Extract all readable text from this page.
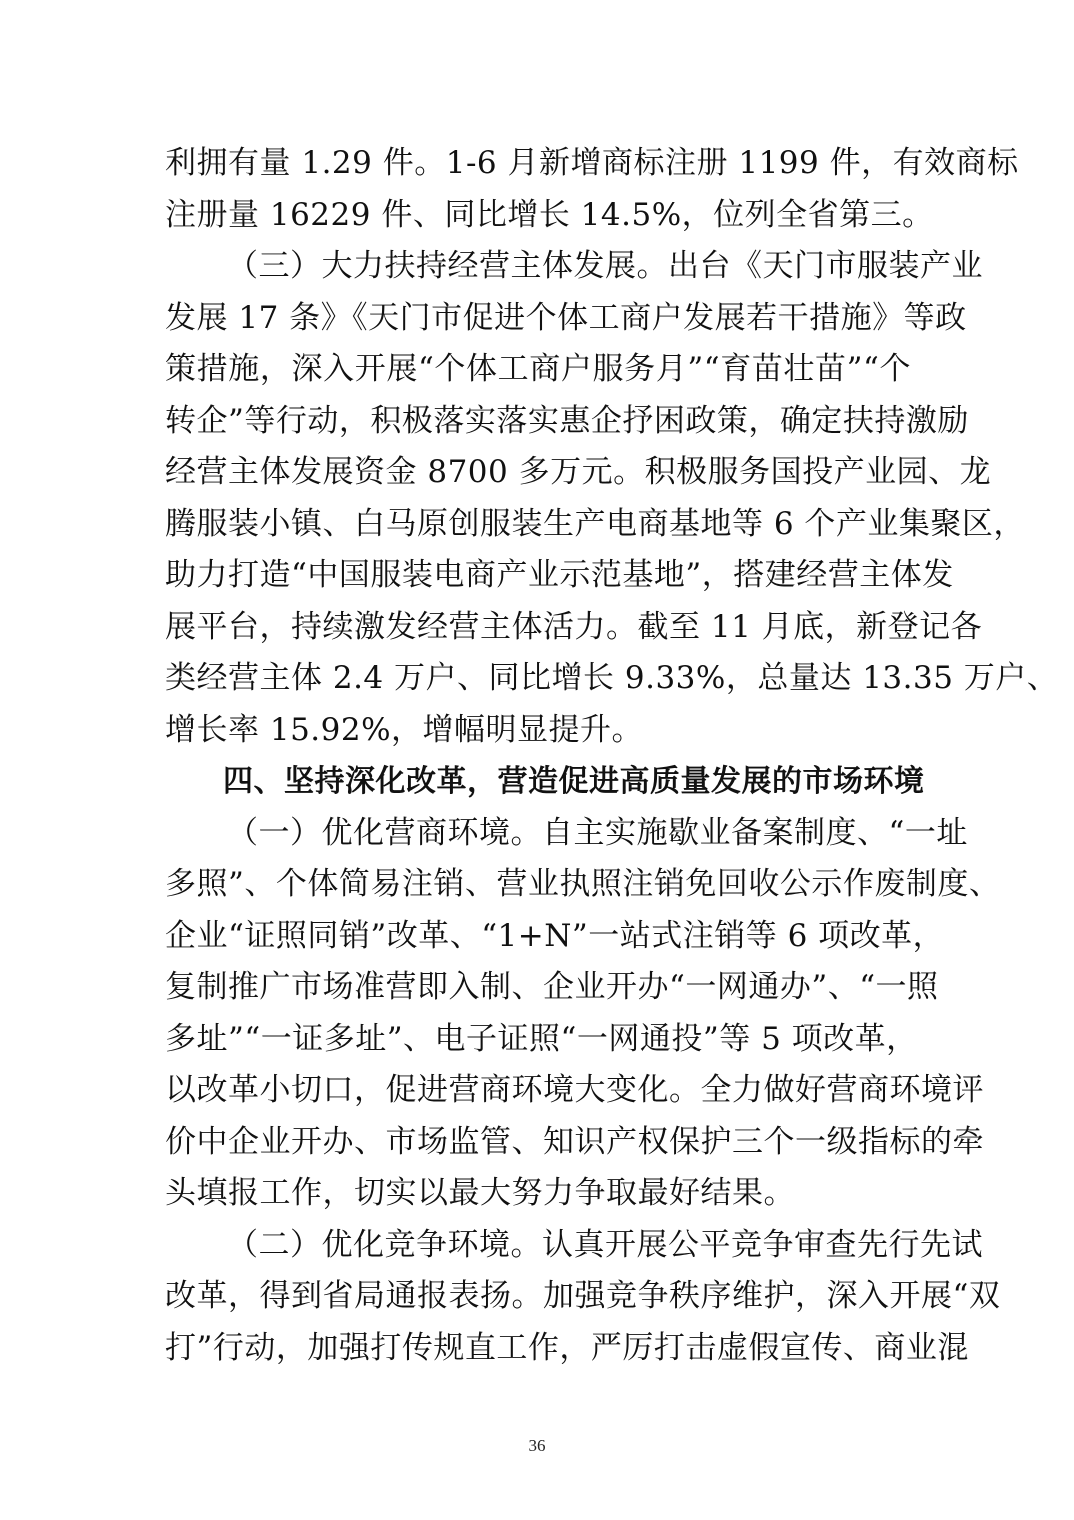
利拥有量 1.29 件。1-6 月新增商标注册 1199 件，有效商标
注册量 16229 件、同比增长 14.5%，位列全省第三。
（三）大力扶持经营主体发展。出台《天门市服装产业
发展 17 条》《天门市促进个体工商户发展若干措施》等政
策措施，深入开展“个体工商户服务月”“育苗壮苗”“个
转企”等行动，积极落实落实惠企抒困政策，确定扶持激励
经营主体发展资金 8700 多万元。积极服务国投产业园、龙
腾服装小镇、白马原创服装生产电商基地等 6 个产业集聚区，
助力打造“中国服装电商产业示范基地”，搭建经营主体发
展平台，持续激发经营主体活力。截至 11 月底，新登记各
类经营主体 2.4 万户、同比增长 9.33%，总量达 13.35 万户、
增长率 15.92%，增幅明显提升。
四、坚持深化改革，营造促进高质量发展的市场环境
（一）优化营商环境。自主实施歇业备案制度、“一址
多照”、个体简易注销、营业执照注销免回收公示作废制度、
企业“证照同销”改革、“1+N”一站式注销等 6 项改革，
复制推广市场准营即入制、企业开办“一网通办”、“一照
多址”“一证多址”、电子证照“一网通投”等 5 项改革，
以改革小切口，促进营商环境大变化。全力做好营商环境评
价中企业开办、市场监管、知识产权保护三个一级指标的牵
头填报工作，切实以最大努力争取最好结果。
（二）优化竞争环境。认真开展公平竞争审查先行先试
改革，得到省局通报表扬。加强竞争秩序维护，深入开展“双
打”行动，加强打传规直工作，严厉打击虚假宣传、商业混
36
